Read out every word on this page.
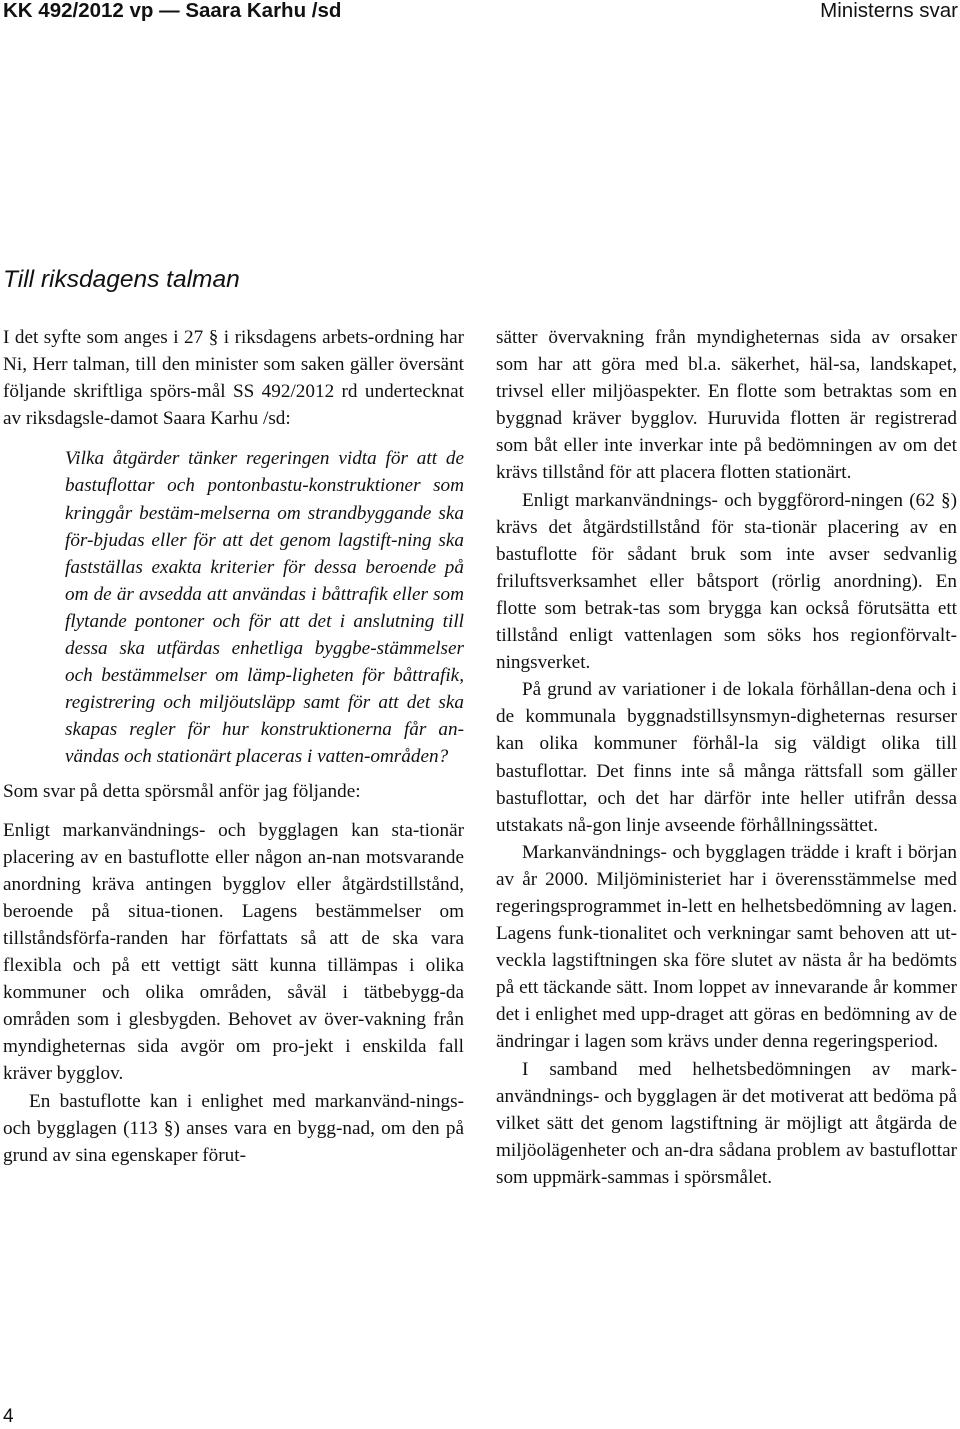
KK 492/2012 vp — Saara Karhu /sd	Ministerns svar
Till riksdagens talman

I det syfte som anges i 27 § i riksdagens arbets-ordning har Ni, Herr talman, till den minister som saken gäller översänt följande skriftliga spörs-mål SS 492/2012 rd undertecknat av riksdagsle-damot Saara Karhu /sd:

Vilka åtgärder tänker regeringen vidta för att de bastuflottar och pontonbastu-konstruktioner som kringgår bestäm-melserna om strandbyggande ska för-bjudas eller för att det genom lagstift-ning ska fastställas exakta kriterier för dessa beroende på om de är avsedda att användas i båttrafik eller som flytande pontoner och för att det i anslutning till dessa ska utfärdas enhetliga byggbe-stämmelser och bestämmelser om lämp-ligheten för båttrafik, registrering och miljöutsläpp samt för att det ska skapas regler för hur konstruktionerna får an-vändas och stationärt placeras i vatten-områden?

Som svar på detta spörsmål anför jag följande:

Enligt markanvändnings- och bygglagen kan sta-tionär placering av en bastuflotte eller någon an-nan motsvarande anordning kräva antingen bygglov eller åtgärdstillstånd, beroende på situa-tionen. Lagens bestämmelser om tillståndsförfa-randen har författats så att de ska vara flexibla och på ett vettigt sätt kunna tillämpas i olika kommuner och olika områden, såväl i tätbebygg-da områden som i glesbygden. Behovet av över-vakning från myndigheternas sida avgör om pro-jekt i enskilda fall kräver bygglov.

En bastuflotte kan i enlighet med markanvänd-nings- och bygglagen (113 §) anses vara en bygg-nad, om den på grund av sina egenskaper förut-

sätter övervakning från myndigheternas sida av orsaker som har att göra med bl.a. säkerhet, häl-sa, landskapet, trivsel eller miljöaspekter. En flotte som betraktas som en byggnad kräver bygglov. Huruvida flotten är registrerad som båt eller inte inverkar inte på bedömningen av om det krävs tillstånd för att placera flotten stationärt.

Enligt markanvändnings- och byggförord-ningen (62 §) krävs det åtgärdstillstånd för sta-tionär placering av en bastuflotte för sådant bruk som inte avser sedvanlig friluftsverksamhet eller båtsport (rörlig anordning). En flotte som betrak-tas som brygga kan också förutsätta ett tillstånd enligt vattenlagen som söks hos regionförvalt-ningsverket.

På grund av variationer i de lokala förhållan-dena och i de kommunala byggnadstillsynsmyn-digheternas resurser kan olika kommuner förhål-la sig väldigt olika till bastuflottar. Det finns inte så många rättsfall som gäller bastuflottar, och det har därför inte heller utifrån dessa utstakats nå-gon linje avseende förhållningssättet.

Markanvändnings- och bygglagen trädde i kraft i början av år 2000. Miljöministeriet har i överensstämmelse med regeringsprogrammet in-lett en helhetsbedömning av lagen. Lagens funk-tionalitet och verkningar samt behoven att ut-veckla lagstiftningen ska före slutet av nästa år ha bedömts på ett täckande sätt. Inom loppet av innevarande år kommer det i enlighet med upp-draget att göras en bedömning av de ändringar i lagen som krävs under denna regeringsperiod.

I samband med helhetsbedömningen av mark-användnings- och bygglagen är det motiverat att bedöma på vilket sätt det genom lagstiftning är möjligt att åtgärda de miljöolägenheter och an-dra sådana problem av bastuflottar som uppmärk-sammas i spörsmålet.

4
